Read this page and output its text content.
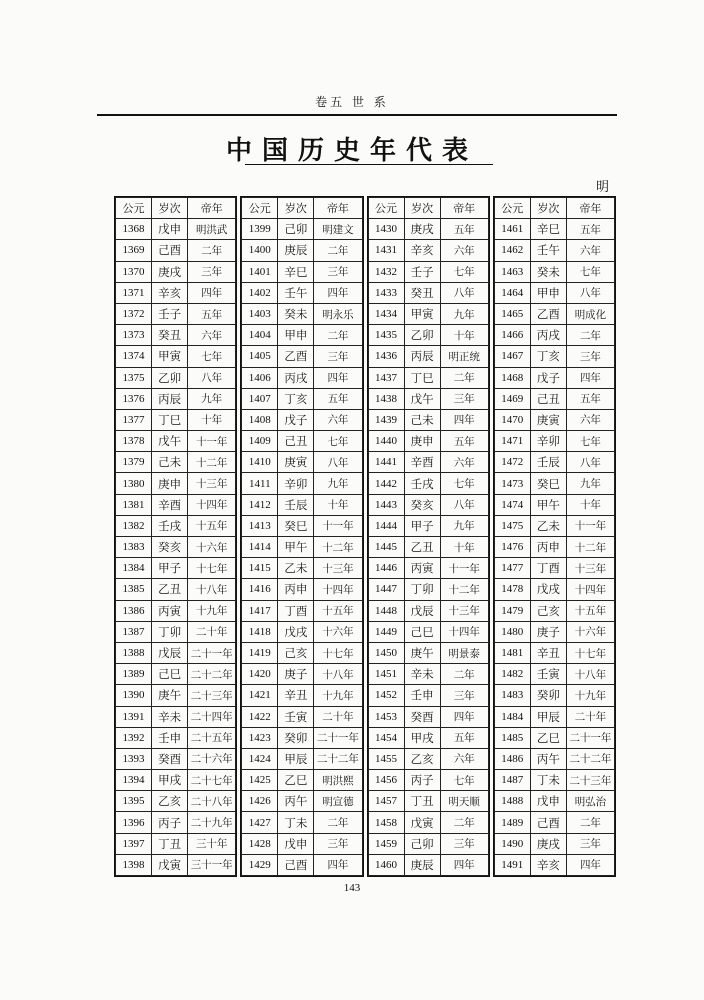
卷五 世 系
中国历史年代表
明
公元	岁次	帝年
1368	戊申	明洪武
1369	己酉	二年
1370	庚戌	三年
1371	辛亥	四年
1372	壬子	五年
1373	癸丑	六年
1374	甲寅	七年
1375	乙卯	八年
1376	丙辰	九年
1377	丁巳	十年
1378	戊午	十一年
1379	己未	十二年
1380	庚申	十三年
1381	辛酉	十四年
1382	壬戌	十五年
1383	癸亥	十六年
1384	甲子	十七年
1385	乙丑	十八年
1386	丙寅	十九年
1387	丁卯	二十年
1388	戊辰	二十一年
1389	己巳	二十二年
1390	庚午	二十三年
1391	辛未	二十四年
1392	壬申	二十五年
1393	癸酉	二十六年
1394	甲戌	二十七年
1395	乙亥	二十八年
1396	丙子	二十九年
1397	丁丑	三十年
1398	戊寅	三十一年
公元	岁次	帝年
1399	己卯	明建文
1400	庚辰	二年
1401	辛巳	三年
1402	壬午	四年
1403	癸未	明永乐
1404	甲申	二年
1405	乙酉	三年
1406	丙戌	四年
1407	丁亥	五年
1408	戊子	六年
1409	己丑	七年
1410	庚寅	八年
1411	辛卯	九年
1412	壬辰	十年
1413	癸巳	十一年
1414	甲午	十二年
1415	乙未	十三年
1416	丙申	十四年
1417	丁酉	十五年
1418	戊戌	十六年
1419	己亥	十七年
1420	庚子	十八年
1421	辛丑	十九年
1422	壬寅	二十年
1423	癸卯	二十一年
1424	甲辰	二十二年
1425	乙巳	明洪熙
1426	丙午	明宣德
1427	丁未	二年
1428	戊申	三年
1429	己酉	四年
公元	岁次	帝年
1430	庚戌	五年
1431	辛亥	六年
1432	壬子	七年
1433	癸丑	八年
1434	甲寅	九年
1435	乙卯	十年
1436	丙辰	明正统
1437	丁巳	二年
1438	戊午	三年
1439	己未	四年
1440	庚申	五年
1441	辛酉	六年
1442	壬戌	七年
1443	癸亥	八年
1444	甲子	九年
1445	乙丑	十年
1446	丙寅	十一年
1447	丁卯	十二年
1448	戊辰	十三年
1449	己巳	十四年
1450	庚午	明景泰
1451	辛未	二年
1452	壬申	三年
1453	癸酉	四年
1454	甲戌	五年
1455	乙亥	六年
1456	丙子	七年
1457	丁丑	明天顺
1458	戊寅	二年
1459	己卯	三年
1460	庚辰	四年
公元	岁次	帝年
1461	辛巳	五年
1462	壬午	六年
1463	癸未	七年
1464	甲申	八年
1465	乙酉	明成化
1466	丙戌	二年
1467	丁亥	三年
1468	戊子	四年
1469	己丑	五年
1470	庚寅	六年
1471	辛卯	七年
1472	壬辰	八年
1473	癸巳	九年
1474	甲午	十年
1475	乙未	十一年
1476	丙申	十二年
1477	丁酉	十三年
1478	戊戌	十四年
1479	己亥	十五年
1480	庚子	十六年
1481	辛丑	十七年
1482	壬寅	十八年
1483	癸卯	十九年
1484	甲辰	二十年
1485	乙巳	二十一年
1486	丙午	二十二年
1487	丁未	二十三年
1488	戊申	明弘治
1489	己酉	二年
1490	庚戌	三年
1491	辛亥	四年
143
